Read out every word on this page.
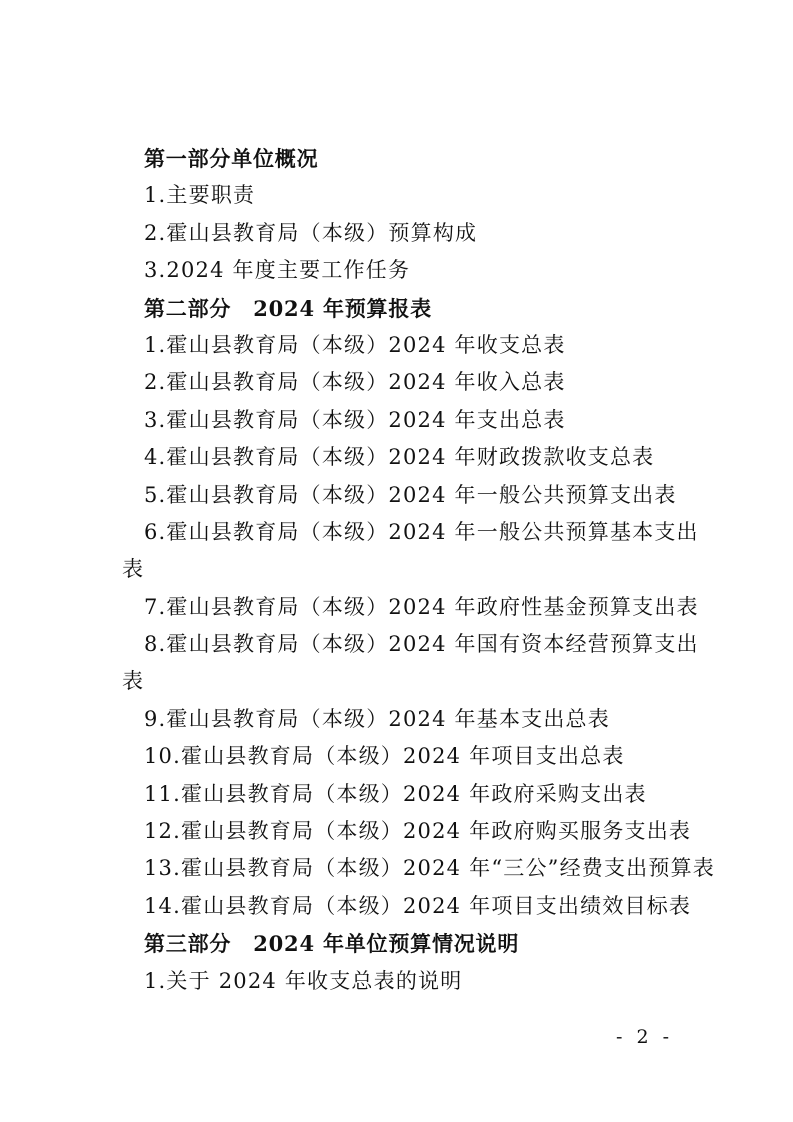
第一部分单位概况
1.主要职责
2.霍山县教育局（本级）预算构成
3.2024 年度主要工作任务
第二部分 2024 年预算报表
1.霍山县教育局（本级）2024 年收支总表
2.霍山县教育局（本级）2024 年收入总表
3.霍山县教育局（本级）2024 年支出总表
4.霍山县教育局（本级）2024 年财政拨款收支总表
5.霍山县教育局（本级）2024 年一般公共预算支出表
6.霍山县教育局（本级）2024 年一般公共预算基本支出
表
7.霍山县教育局（本级）2024 年政府性基金预算支出表
8.霍山县教育局（本级）2024 年国有资本经营预算支出
表
9.霍山县教育局（本级）2024 年基本支出总表
10.霍山县教育局（本级）2024 年项目支出总表
11.霍山县教育局（本级）2024 年政府采购支出表
12.霍山县教育局（本级）2024 年政府购买服务支出表
13.霍山县教育局（本级）2024 年“三公”经费支出预算表
14.霍山县教育局（本级）2024 年项目支出绩效目标表
第三部分 2024 年单位预算情况说明
1.关于 2024 年收支总表的说明
- 2 -
